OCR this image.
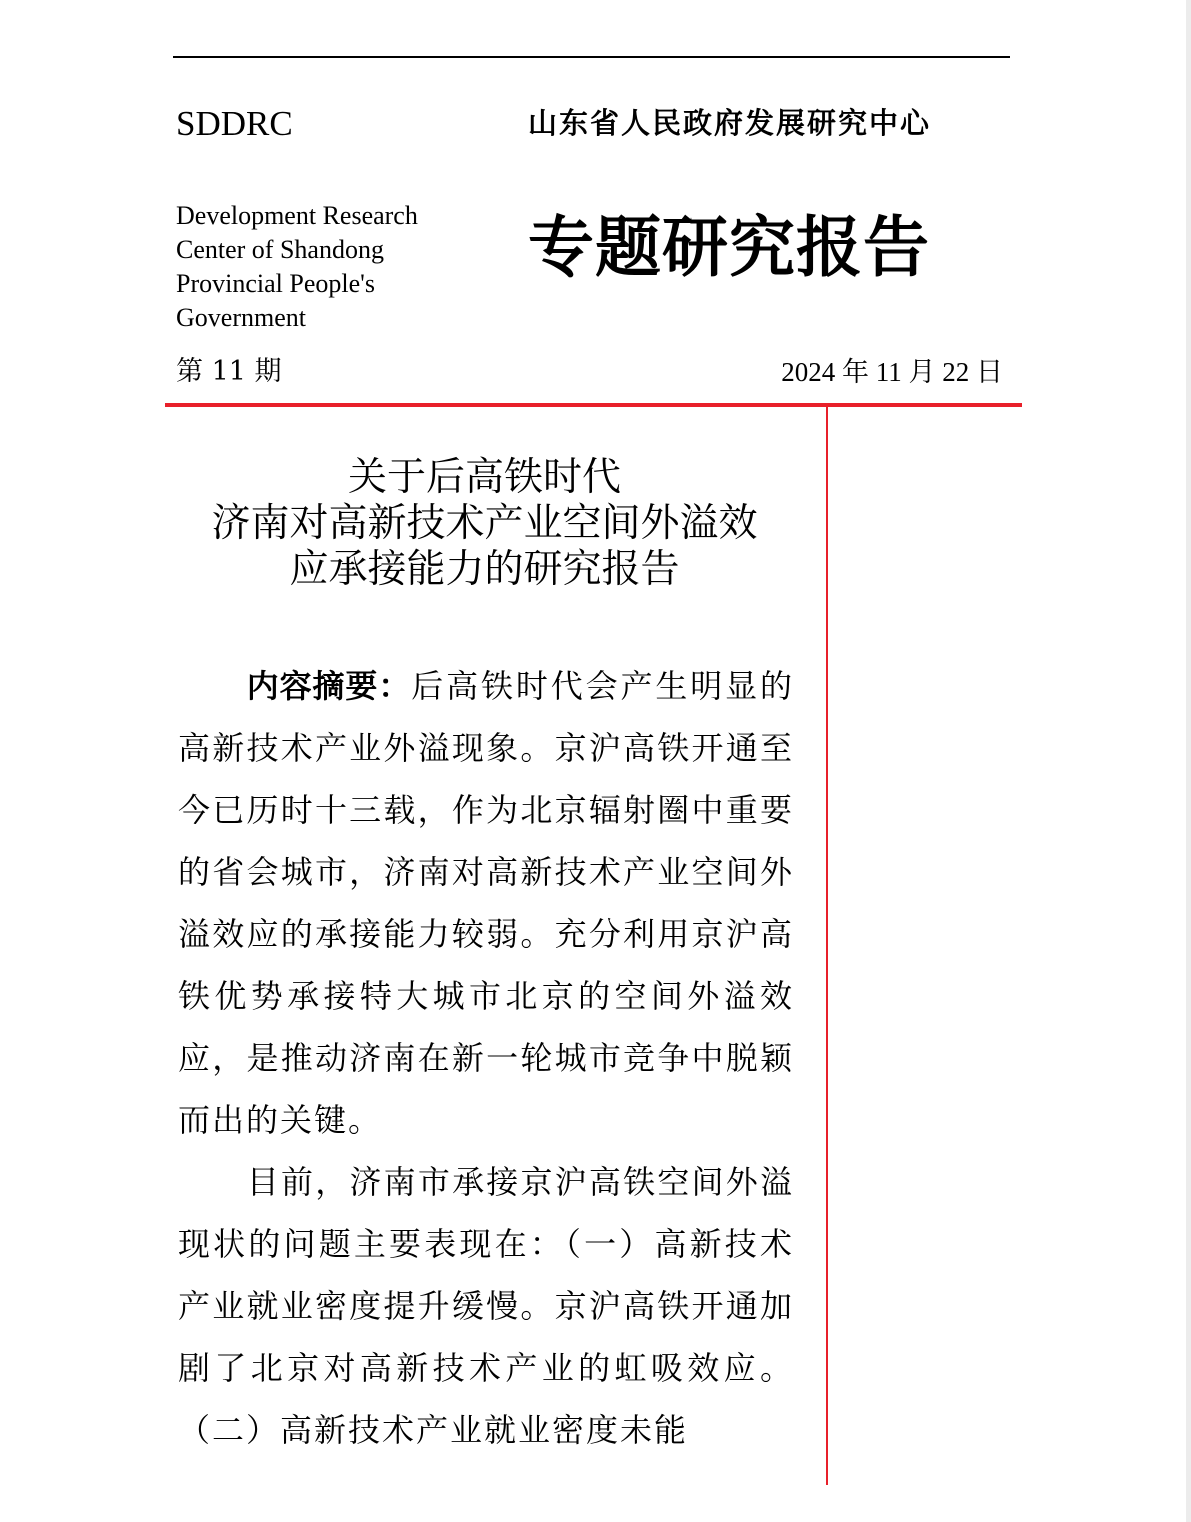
SDDRC	山东省人民政府发展研究中心
Development Research Center of Shandong Provincial People's Government
专题研究报告
第 11 期	2024 年 11 月 22 日
关于后高铁时代
济南对高新技术产业空间外溢效
应承接能力的研究报告

内容摘要：后高铁时代会产生明显的高新技术产业外溢现象。京沪高铁开通至今已历时十三载，作为北京辐射圈中重要的省会城市，济南对高新技术产业空间外溢效应的承接能力较弱。充分利用京沪高铁优势承接特大城市北京的空间外溢效应，是推动济南在新一轮城市竞争中脱颖而出的关键。

目前，济南市承接京沪高铁空间外溢现状的问题主要表现在：（一）高新技术产业就业密度提升缓慢。京沪高铁开通加剧了北京对高新技术产业的虹吸效应。（二）高新技术产业就业密度未能
